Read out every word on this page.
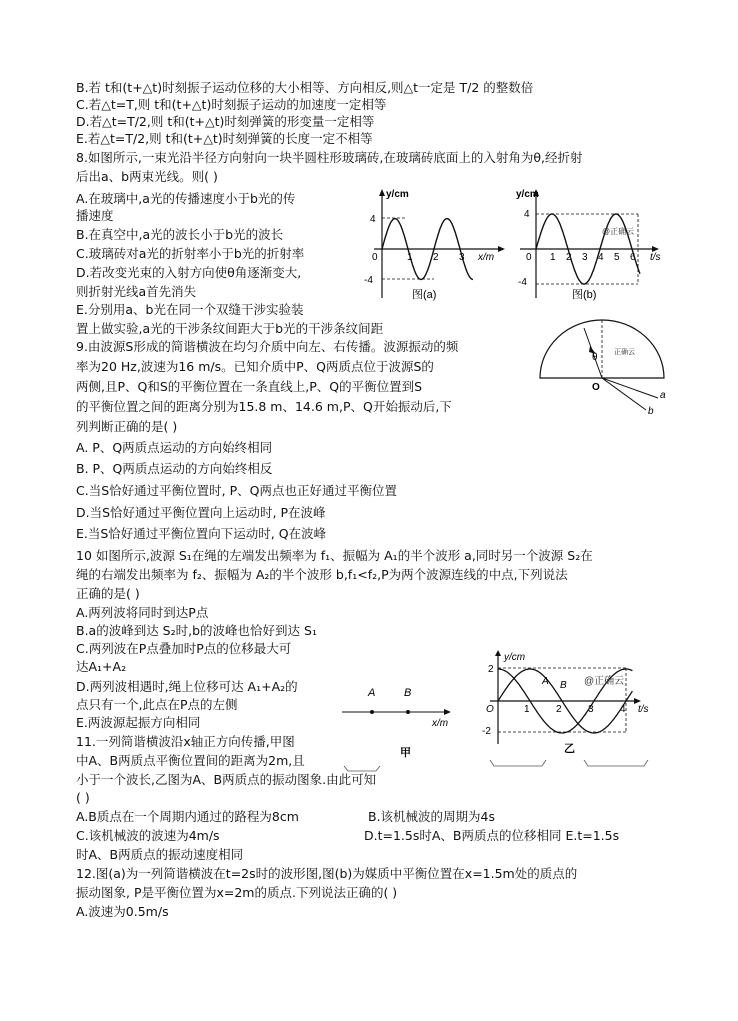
B.若 t和(t+△t)时刻振子运动位移的大小相等、方向相反,则△t一定是 T/2 的整数倍
C.若△t=T,则 t和(t+△t)时刻振子运动的加速度一定相等
D.若△t=T/2,则 t和(t+△t)时刻弹簧的形变量一定相等
E.若△t=T/2,则 t和(t+△t)时刻弹簧的长度一定不相等
8.如图所示,一束光沿半径方向射向一块半圆柱形玻璃砖,在玻璃砖底面上的入射角为θ,经折射
后出a、b两束光线。则( )
A.在玻璃中,a光的传播速度小于b光的传
播速度
B.在真空中,a光的波长小于b光的波长
C.玻璃砖对a光的折射率小于b光的折射率
D.若改变光束的入射方向使θ角逐渐变大,
则折射光线a首先消失
E.分别用a、b光在同一个双缝干涉实验装
置上做实验,a光的干涉条纹间距大于b光的干涉条纹间距
9.由波源S形成的简谐横波在均匀介质中向左、右传播。波源振动的频
率为20 Hz,波速为16 m/s。已知介质中P、Q两质点位于波源S的
两侧,且P、Q和S的平衡位置在一条直线上,P、Q的平衡位置到S
的平衡位置之间的距离分别为15.8 m、14.6 m,P、Q开始振动后,下
列判断正确的是( )
A. P、Q两质点运动的方向始终相同
B. P、Q两质点运动的方向始终相反
C.当S恰好通过平衡位置时, P、Q两点也正好通过平衡位置
D.当S恰好通过平衡位置向上运动时, P在波峰
E.当S恰好通过平衡位置向下运动时, Q在波峰
10 如图所示,波源 S₁在绳的左端发出频率为 f₁、振幅为 A₁的半个波形 a,同时另一个波源 S₂在
绳的右端发出频率为 f₂、振幅为 A₂的半个波形 b,f₁<f₂,P为两个波源连线的中点,下列说法
正确的是( )
A.两列波将同时到达P点
B.a的波峰到达 S₂时,b的波峰也恰好到达 S₁
C.两列波在P点叠加时P点的位移最大可
达A₁+A₂
D.两列波相遇时,绳上位移可达 A₁+A₂的
点只有一个,此点在P点的左侧
E.两波源起振方向相同
11.一列简谐横波沿x轴正方向传播,甲图
中A、B两质点平衡位置间的距离为2m,且
小于一个波长,乙图为A、B两质点的振动图象.由此可知
( )
A.B质点在一个周期内通过的路程为8cm	B.该机械波的周期为4s
C.该机械波的波速为4m/s	D.t=1.5s时A、B两质点的位移相同 E.t=1.5s
时A、B两质点的振动速度相同
12.图(a)为一列简谐横波在t=2s时的波形图,图(b)为媒质中平衡位置在x=1.5m处的质点的
振动图象, P是平衡位置为x=2m的质点.下列说法正确的( )
A.波速为0.5m/s
y/cm
x/m
4
-4
0	1 2 3
图(a)
y/cm
t/s
4
-4
0 1 2 3 4 5 6
@正确云
图(b)
θ
O
a
b
正确云
A	B
x/m
甲
y/cm
t/s
2
-2
O	1	2	3	4
A B @正确云
乙
